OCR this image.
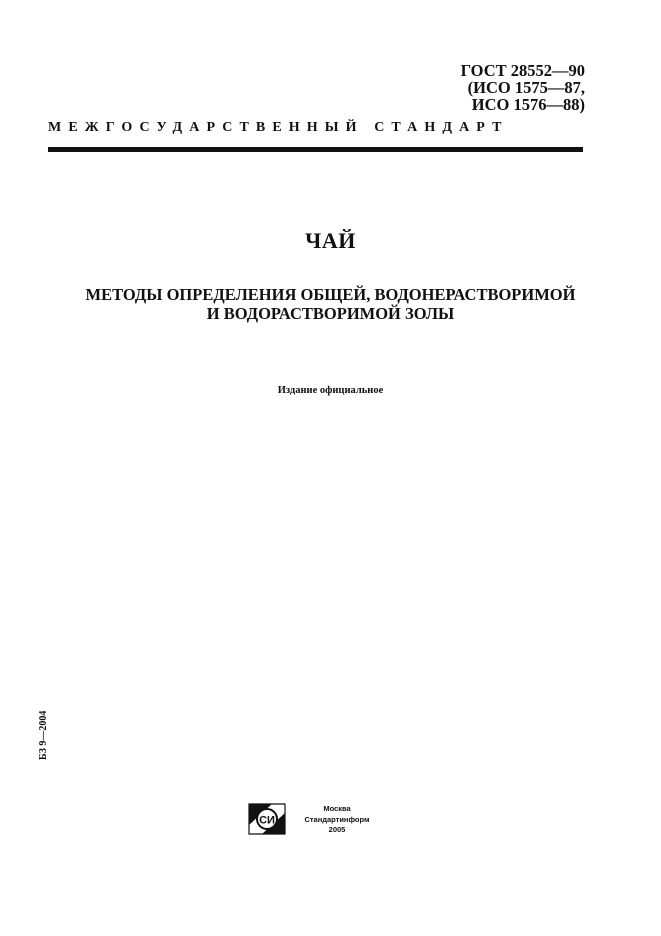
ГОСТ 28552—90
(ИСО 1575—87,
ИСО 1576—88)
МЕЖГОСУДАРСТВЕННЫЙ СТАНДАРТ
ЧАЙ
МЕТОДЫ ОПРЕДЕЛЕНИЯ ОБЩЕЙ, ВОДОНЕРАСТВОРИМОЙ
И ВОДОРАСТВОРИМОЙ ЗОЛЫ
Издание официальное
БЗ 9—2004
СИ
Москва
Стандартинформ
2005
